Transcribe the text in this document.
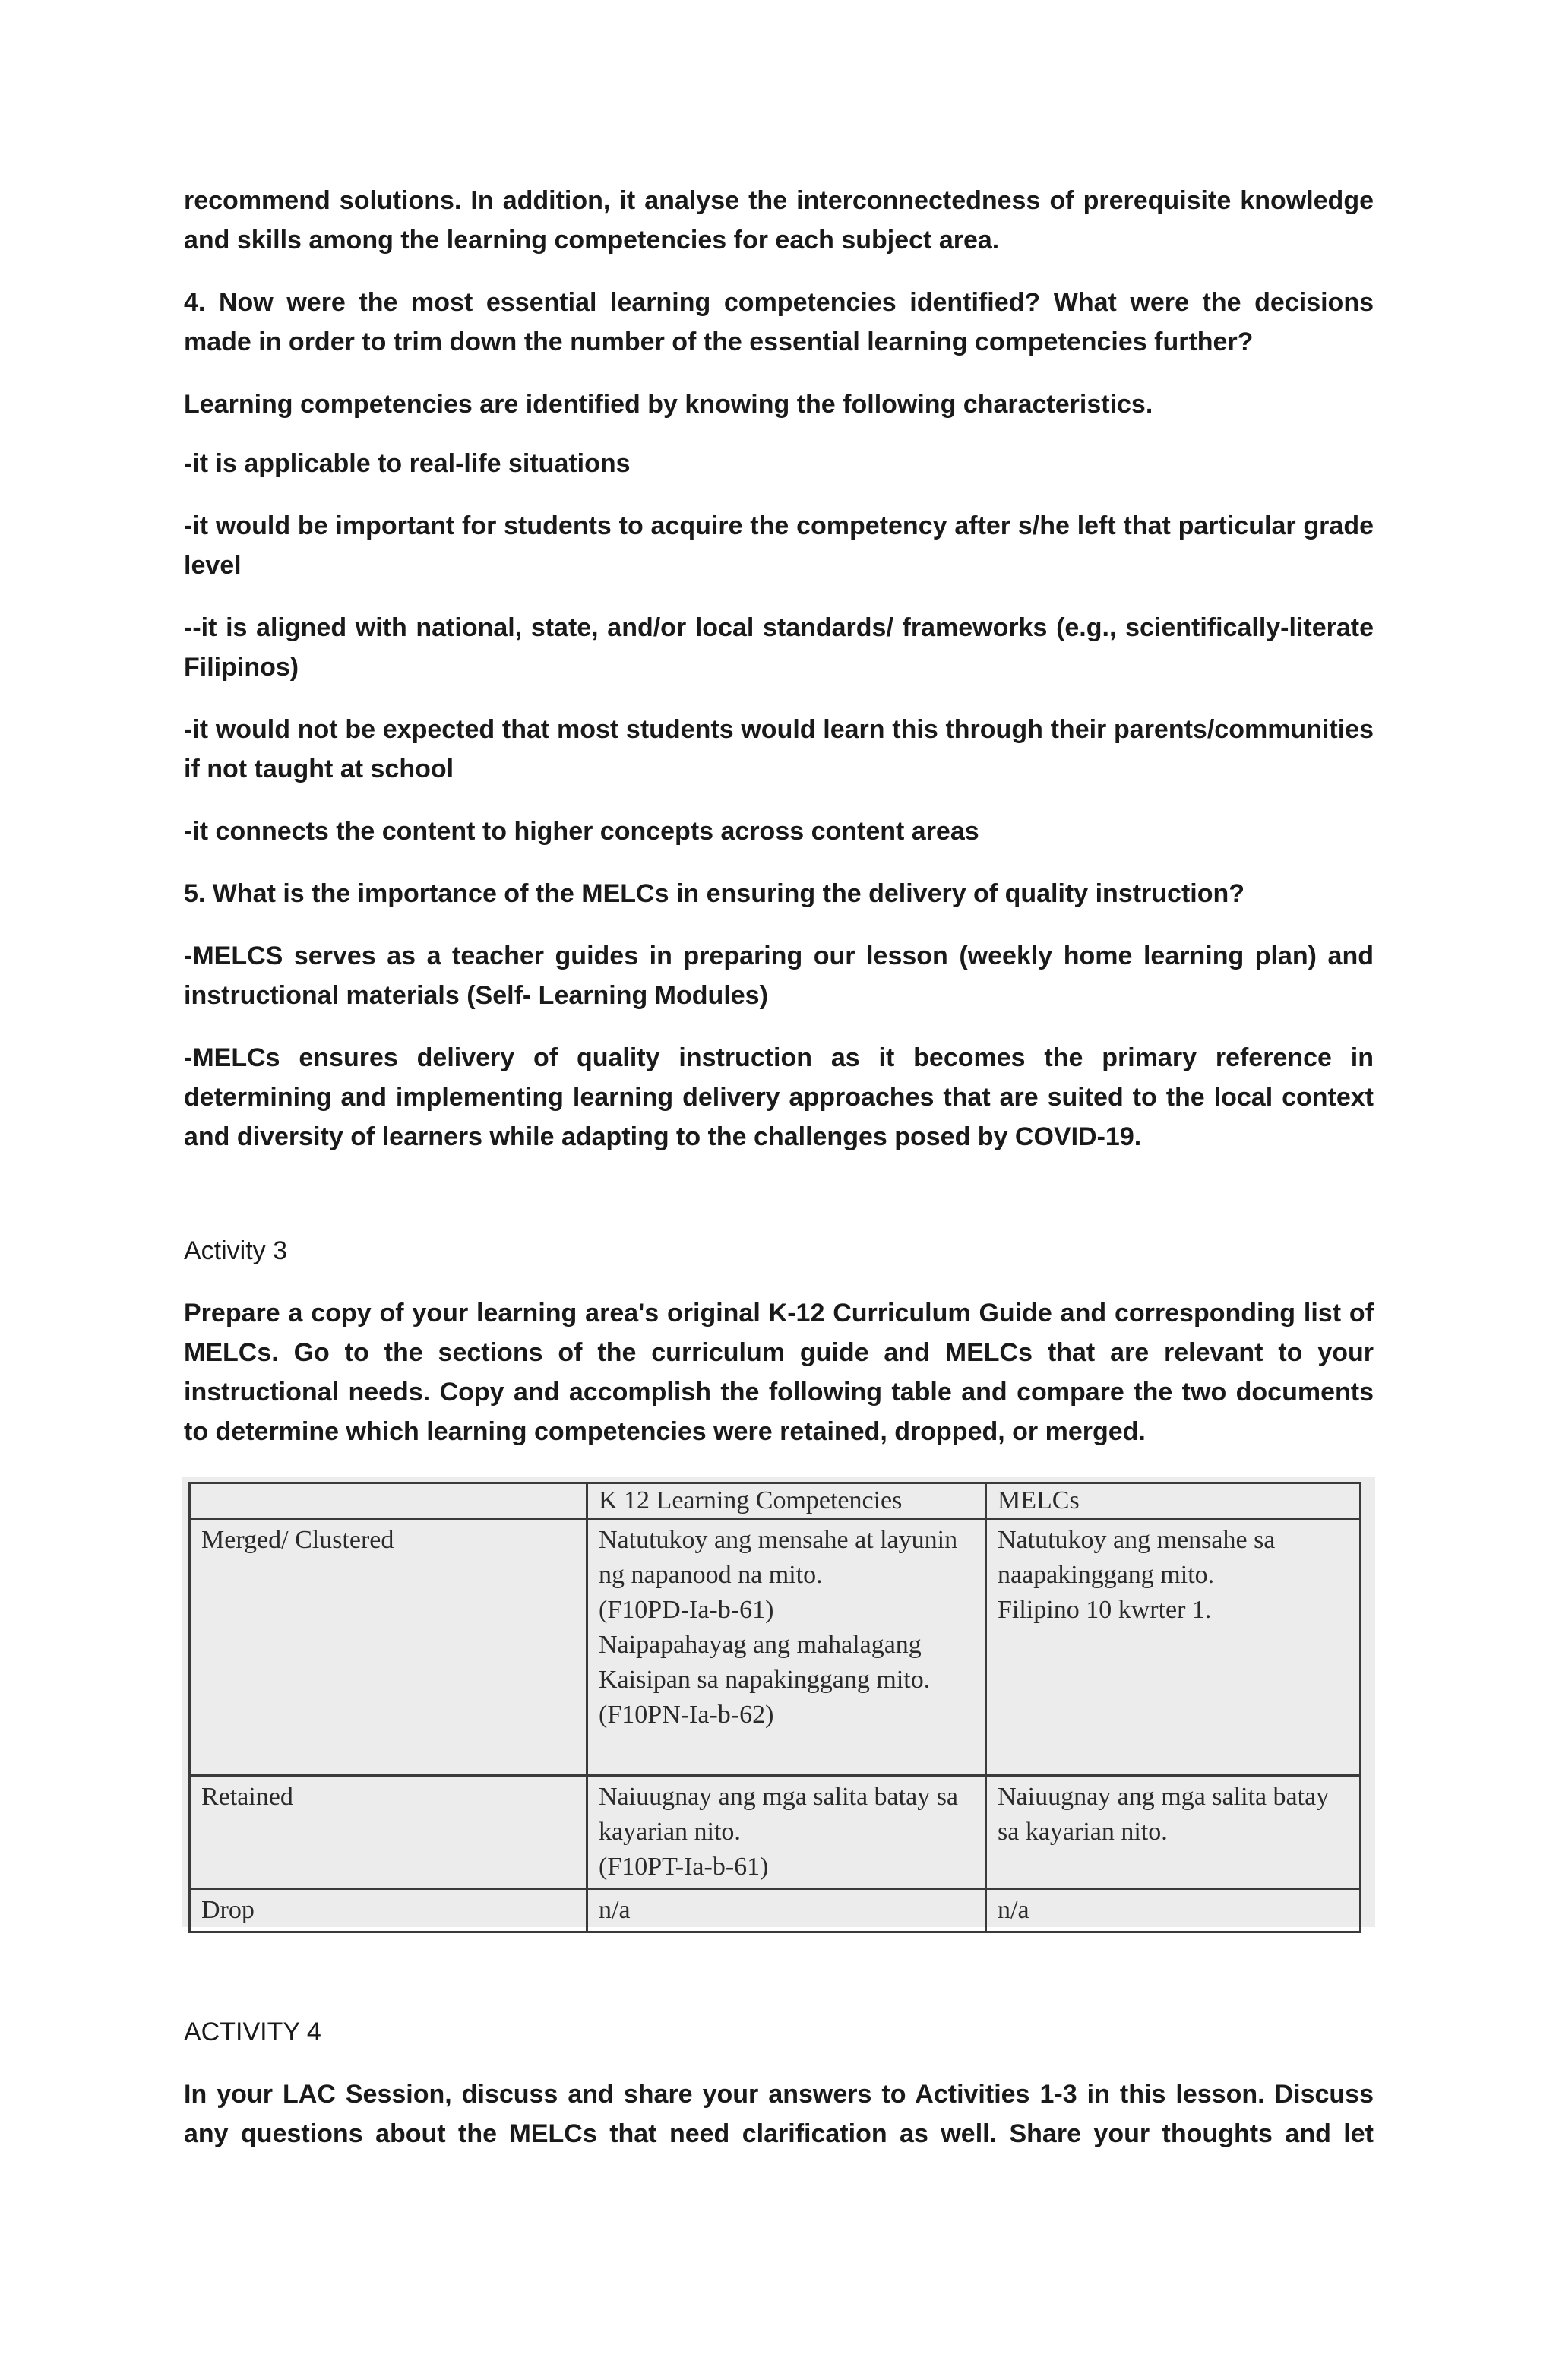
recommend solutions. In addition, it analyse the interconnectedness of prerequisite knowledge and skills among the learning competencies for each subject area.

4. Now were the most essential learning competencies identified? What were the decisions made in order to trim down the number of the essential learning competencies further?

Learning competencies are identified by knowing the following characteristics.

-it is applicable to real-life situations

-it would be important for students to acquire the competency after s/he left that particular grade level

--it is aligned with national, state, and/or local standards/ frameworks (e.g., scientifically-literate Filipinos)

-it would not be expected that most students would learn this through their parents/communities if not taught at school

-it connects the content to higher concepts across content areas

5. What is the importance of the MELCs in ensuring the delivery of quality instruction?

-MELCS serves as a teacher guides in preparing our lesson (weekly home learning plan) and instructional materials (Self- Learning Modules)

-MELCs ensures delivery of quality instruction as it becomes the primary reference in determining and implementing learning delivery approaches that are suited to the local context and diversity of learners while adapting to the challenges posed by COVID-19.

Activity 3

Prepare a copy of your learning area's original K-12 Curriculum Guide and corresponding list of MELCs. Go to the sections of the curriculum guide and MELCs that are relevant to your instructional needs. Copy and accomplish the following table and compare the two documents to determine which learning competencies were retained, dropped, or merged.

	K 12 Learning Competencies	MELCs
Merged/ Clustered	Natutukoy ang mensahe at layunin ng napanood na mito.
(F10PD-Ia-b-61)
Naipapahayag ang mahalagang Kaisipan sa napakinggang mito.
(F10PN-Ia-b-62)	Natutukoy ang mensahe sa naapakinggang mito.
Filipino 10 kwrter 1.
Retained	Naiuugnay ang mga salita batay sa kayarian nito.
(F10PT-Ia-b-61)	Naiuugnay ang mga salita batay sa kayarian nito.
Drop	n/a	n/a

ACTIVITY 4

In your LAC Session, discuss and share your answers to Activities 1-3 in this lesson. Discuss any questions about the MELCs that need clarification as well. Share your thoughts and let
